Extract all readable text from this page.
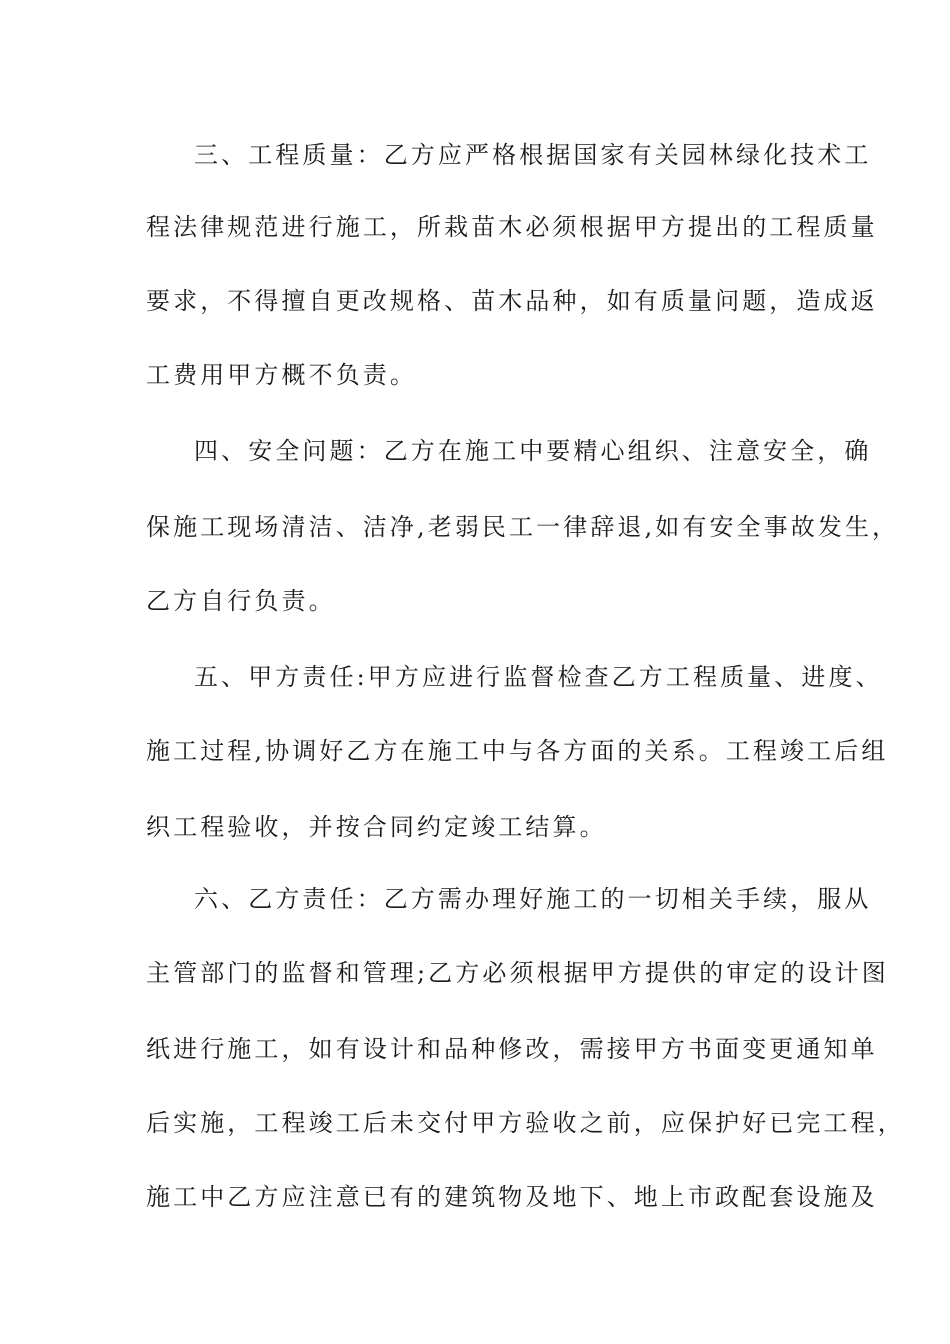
三、工程质量：乙方应严格根据国家有关园林绿化技术工
程法律规范进行施工，所栽苗木必须根据甲方提出的工程质量
要求，不得擅自更改规格、苗木品种，如有质量问题，造成返
工费用甲方概不负责。
四、安全问题：乙方在施工中要精心组织、注意安全，确
保施工现场清洁、洁净,老弱民工一律辞退,如有安全事故发生，
乙方自行负责。
五、甲方责任:甲方应进行监督检查乙方工程质量、进度、
施工过程,协调好乙方在施工中与各方面的关系。工程竣工后组
织工程验收，并按合同约定竣工结算。
六、乙方责任：乙方需办理好施工的一切相关手续，服从
主管部门的监督和管理;乙方必须根据甲方提供的审定的设计图
纸进行施工，如有设计和品种修改，需接甲方书面变更通知单
后实施，工程竣工后未交付甲方验收之前，应保护好已完工程，
施工中乙方应注意已有的建筑物及地下、地上市政配套设施及
